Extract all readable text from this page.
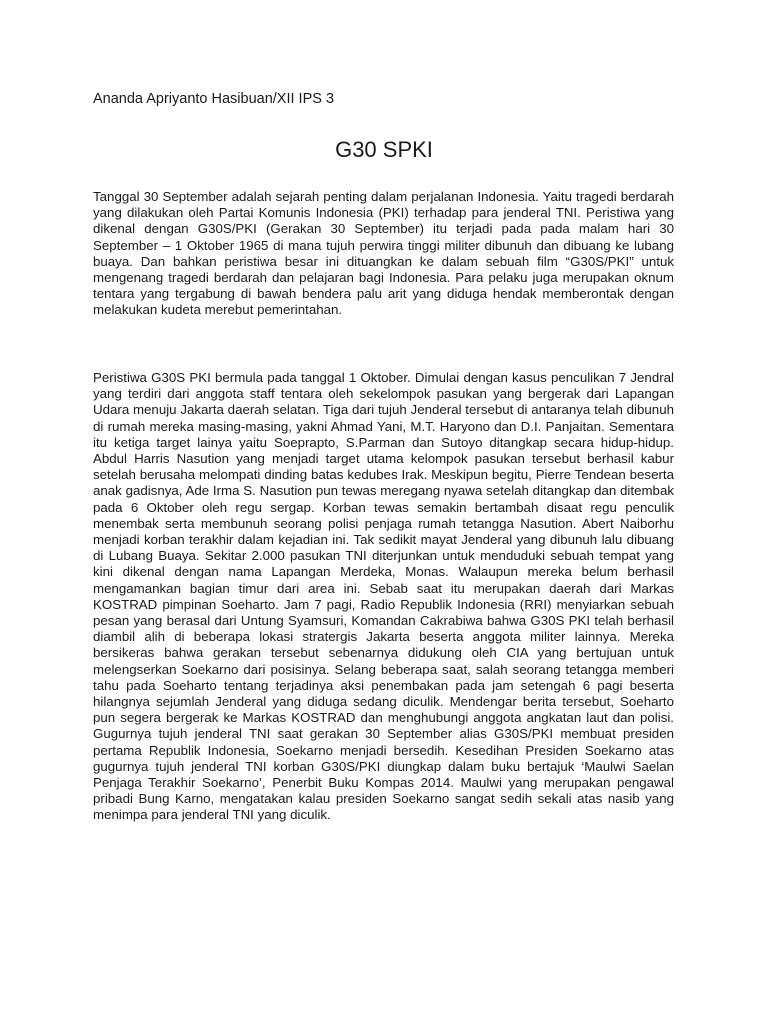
Ananda Apriyanto Hasibuan/XII IPS 3
G30 SPKI

Tanggal 30 September adalah sejarah penting dalam perjalanan Indonesia. Yaitu tragedi berdarah yang dilakukan oleh Partai Komunis Indonesia (PKI) terhadap para jenderal TNI. Peristiwa yang dikenal dengan G30S/PKI (Gerakan 30 September) itu terjadi pada pada malam hari 30 September – 1 Oktober 1965 di mana tujuh perwira tinggi militer dibunuh dan dibuang ke lubang buaya. Dan bahkan peristiwa besar ini dituangkan ke dalam sebuah film “G30S/PKI” untuk mengenang tragedi berdarah dan pelajaran bagi Indonesia. Para pelaku juga merupakan oknum tentara yang tergabung di bawah bendera palu arit yang diduga hendak memberontak dengan melakukan kudeta merebut pemerintahan.

Peristiwa G30S PKI bermula pada tanggal 1 Oktober. Dimulai dengan kasus penculikan 7 Jendral yang terdiri dari anggota staff tentara oleh sekelompok pasukan yang bergerak dari Lapangan Udara menuju Jakarta daerah selatan. Tiga dari tujuh Jenderal tersebut di antaranya telah dibunuh di rumah mereka masing-masing, yakni Ahmad Yani, M.T. Haryono dan D.I. Panjaitan. Sementara itu ketiga target lainya yaitu Soeprapto, S.Parman dan Sutoyo ditangkap secara hidup-hidup. Abdul Harris Nasution yang menjadi target utama kelompok pasukan tersebut berhasil kabur setelah berusaha melompati dinding batas kedubes Irak. Meskipun begitu, Pierre Tendean beserta anak gadisnya, Ade Irma S. Nasution pun tewas meregang nyawa setelah ditangkap dan ditembak pada 6 Oktober oleh regu sergap. Korban tewas semakin bertambah disaat regu penculik menembak serta membunuh seorang polisi penjaga rumah tetangga Nasution. Abert Naiborhu menjadi korban terakhir dalam kejadian ini. Tak sedikit mayat Jenderal yang dibunuh lalu dibuang di Lubang Buaya. Sekitar 2.000 pasukan TNI diterjunkan untuk menduduki sebuah tempat yang kini dikenal dengan nama Lapangan Merdeka, Monas. Walaupun mereka belum berhasil mengamankan bagian timur dari area ini. Sebab saat itu merupakan daerah dari Markas KOSTRAD pimpinan Soeharto. Jam 7 pagi, Radio Republik Indonesia (RRI) menyiarkan sebuah pesan yang berasal dari Untung Syamsuri, Komandan Cakrabiwa bahwa G30S PKI telah berhasil diambil alih di beberapa lokasi stratergis Jakarta beserta anggota militer lainnya. Mereka bersikeras bahwa gerakan tersebut sebenarnya didukung oleh CIA yang bertujuan untuk melengserkan Soekarno dari posisinya. Selang beberapa saat, salah seorang tetangga memberi tahu pada Soeharto tentang terjadinya aksi penembakan pada jam setengah 6 pagi beserta hilangnya sejumlah Jenderal yang diduga sedang diculik. Mendengar berita tersebut, Soeharto pun segera bergerak ke Markas KOSTRAD dan menghubungi anggota angkatan laut dan polisi. Gugurnya tujuh jenderal TNI saat gerakan 30 September alias G30S/PKI membuat presiden pertama Republik Indonesia, Soekarno menjadi bersedih. Kesedihan Presiden Soekarno atas gugurnya tujuh jenderal TNI korban G30S/PKI diungkap dalam buku bertajuk ‘Maulwi Saelan Penjaga Terakhir Soekarno’, Penerbit Buku Kompas 2014. Maulwi yang merupakan pengawal pribadi Bung Karno, mengatakan kalau presiden Soekarno sangat sedih sekali atas nasib yang menimpa para jenderal TNI yang diculik.
